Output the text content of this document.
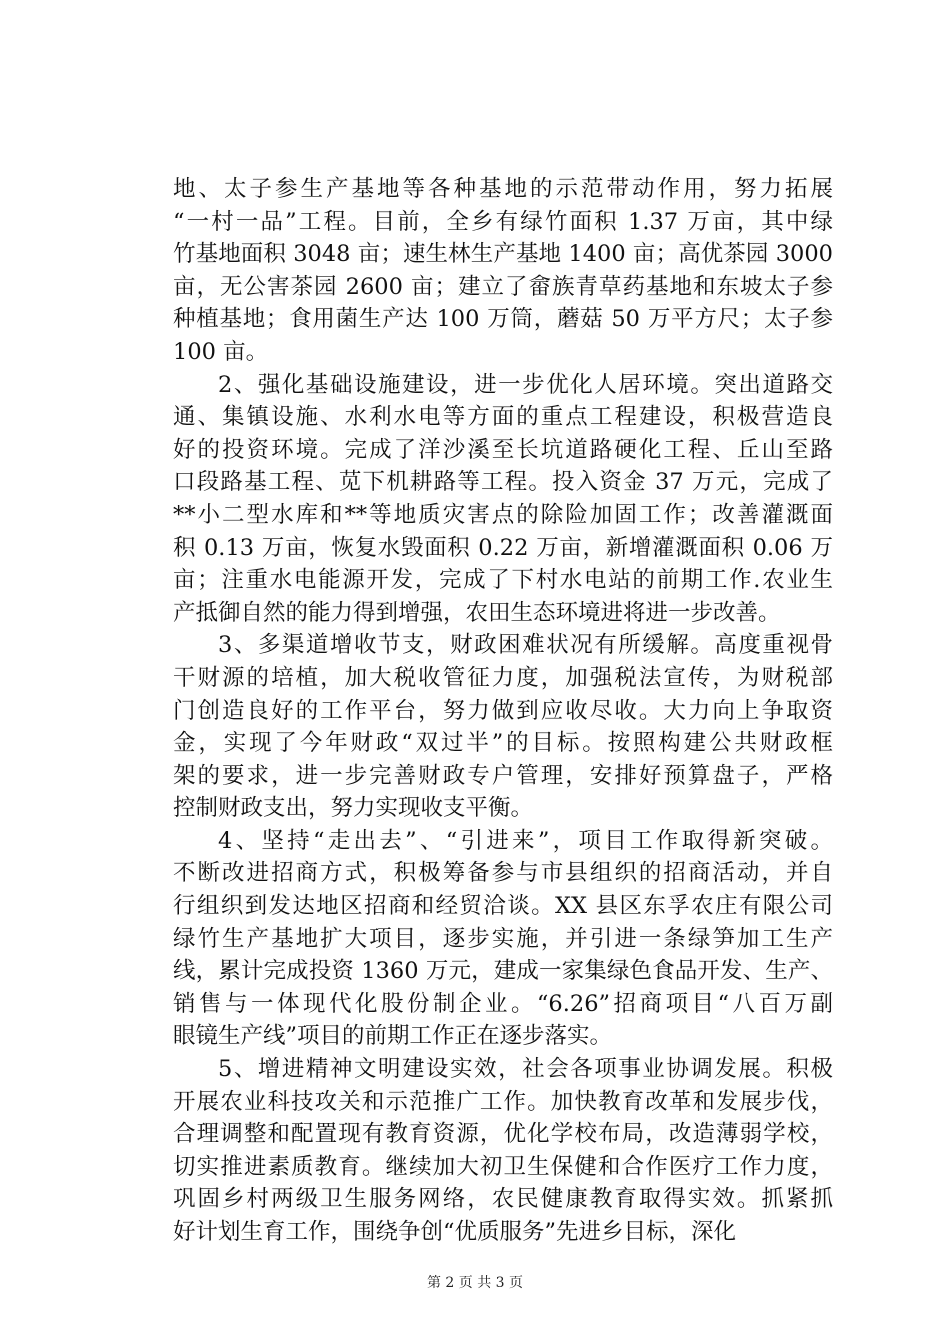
地、太子参生产基地等各种基地的示范带动作用，努力拓展
“一村一品”工程。目前，全乡有绿竹面积 1.37 万亩，其中绿
竹基地面积 3048 亩；速生林生产基地 1400 亩；高优茶园 3000
亩，无公害茶园 2600 亩；建立了畲族青草药基地和东坡太子参
种植基地；食用菌生产达 100 万筒，蘑菇 50 万平方尺；太子参
100 亩。
2、强化基础设施建设，进一步优化人居环境。突出道路交
通、集镇设施、水利水电等方面的重点工程建设，积极营造良
好的投资环境。完成了洋沙溪至长坑道路硬化工程、丘山至路
口段路基工程、苋下机耕路等工程。投入资金 37 万元，完成了
**小二型水库和**等地质灾害点的除险加固工作；改善灌溉面
积 0.13 万亩，恢复水毁面积 0.22 万亩，新增灌溉面积 0.06 万
亩；注重水电能源开发，完成了下村水电站的前期工作.农业生
产抵御自然的能力得到增强，农田生态环境进将进一步改善。
3、多渠道增收节支，财政困难状况有所缓解。高度重视骨
干财源的培植，加大税收管征力度，加强税法宣传，为财税部
门创造良好的工作平台，努力做到应收尽收。大力向上争取资
金，实现了今年财政“双过半”的目标。按照构建公共财政框
架的要求，进一步完善财政专户管理，安排好预算盘子，严格
控制财政支出，努力实现收支平衡。
4、坚持“走出去”、“引进来”，项目工作取得新突破。
不断改进招商方式，积极筹备参与市县组织的招商活动，并自
行组织到发达地区招商和经贸洽谈。XX 县区东孚农庄有限公司
绿竹生产基地扩大项目，逐步实施，并引进一条绿笋加工生产
线，累计完成投资 1360 万元，建成一家集绿色食品开发、生产、
销售与一体现代化股份制企业。“6.26”招商项目“八百万副
眼镜生产线”项目的前期工作正在逐步落实。
5、增进精神文明建设实效，社会各项事业协调发展。积极
开展农业科技攻关和示范推广工作。加快教育改革和发展步伐，
合理调整和配置现有教育资源，优化学校布局，改造薄弱学校，
切实推进素质教育。继续加大初卫生保健和合作医疗工作力度，
巩固乡村两级卫生服务网络，农民健康教育取得实效。抓紧抓
好计划生育工作，围绕争创“优质服务”先进乡目标，深化
第 2 页 共 3 页
